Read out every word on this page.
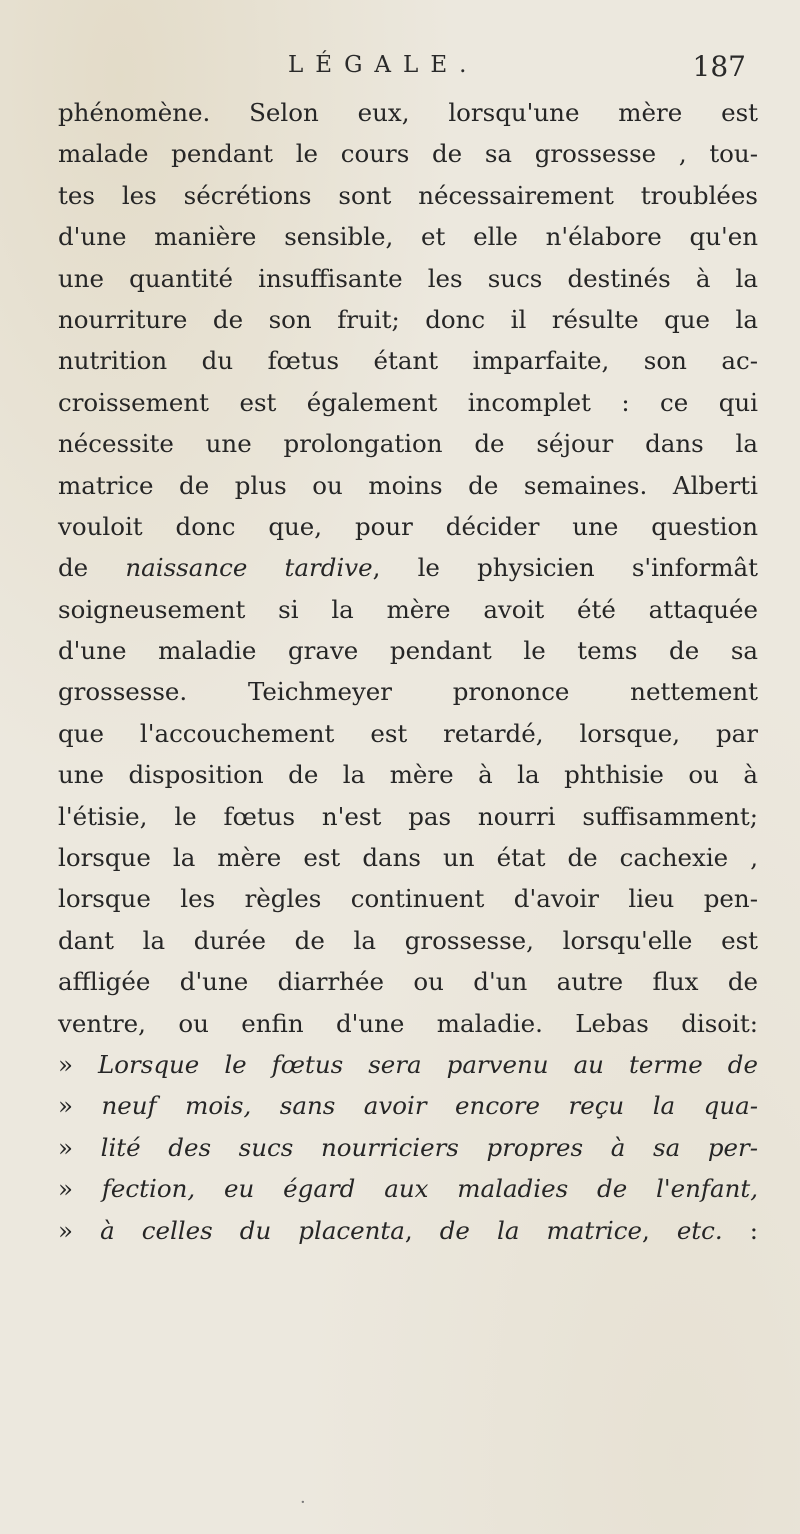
LÉGALE.	187
phénomène. Selon eux, lorsqu'une mère est
malade pendant le cours de sa grossesse , tou-
tes les sécrétions sont nécessairement troublées
d'une manière sensible, et elle n'élabore qu'en
une quantité insuffisante les sucs destinés à la
nourriture de son fruit; donc il résulte que la
nutrition du fœtus étant imparfaite, son ac-
croissement est également incomplet : ce qui
nécessite une prolongation de séjour dans la
matrice de plus ou moins de semaines. Alberti
vouloit donc que, pour décider une question
de naissance tardive, le physicien s'informât
soigneusement si la mère avoit été attaquée
d'une maladie grave pendant le tems de sa
grossesse. Teichmeyer prononce nettement
que l'accouchement est retardé, lorsque, par
une disposition de la mère à la phthisie ou à
l'étisie, le fœtus n'est pas nourri suffisamment;
lorsque la mère est dans un état de cachexie ,
lorsque les règles continuent d'avoir lieu pen-
dant la durée de la grossesse, lorsqu'elle est
affligée d'une diarrhée ou d'un autre flux de
ventre, ou enfin d'une maladie. Lebas disoit:
» Lorsque le fœtus sera parvenu au terme de
» neuf mois, sans avoir encore reçu la qua-
» lité des sucs nourriciers propres à sa per-
» fection, eu égard aux maladies de l'enfant,
» à celles du placenta, de la matrice, etc. :
·
